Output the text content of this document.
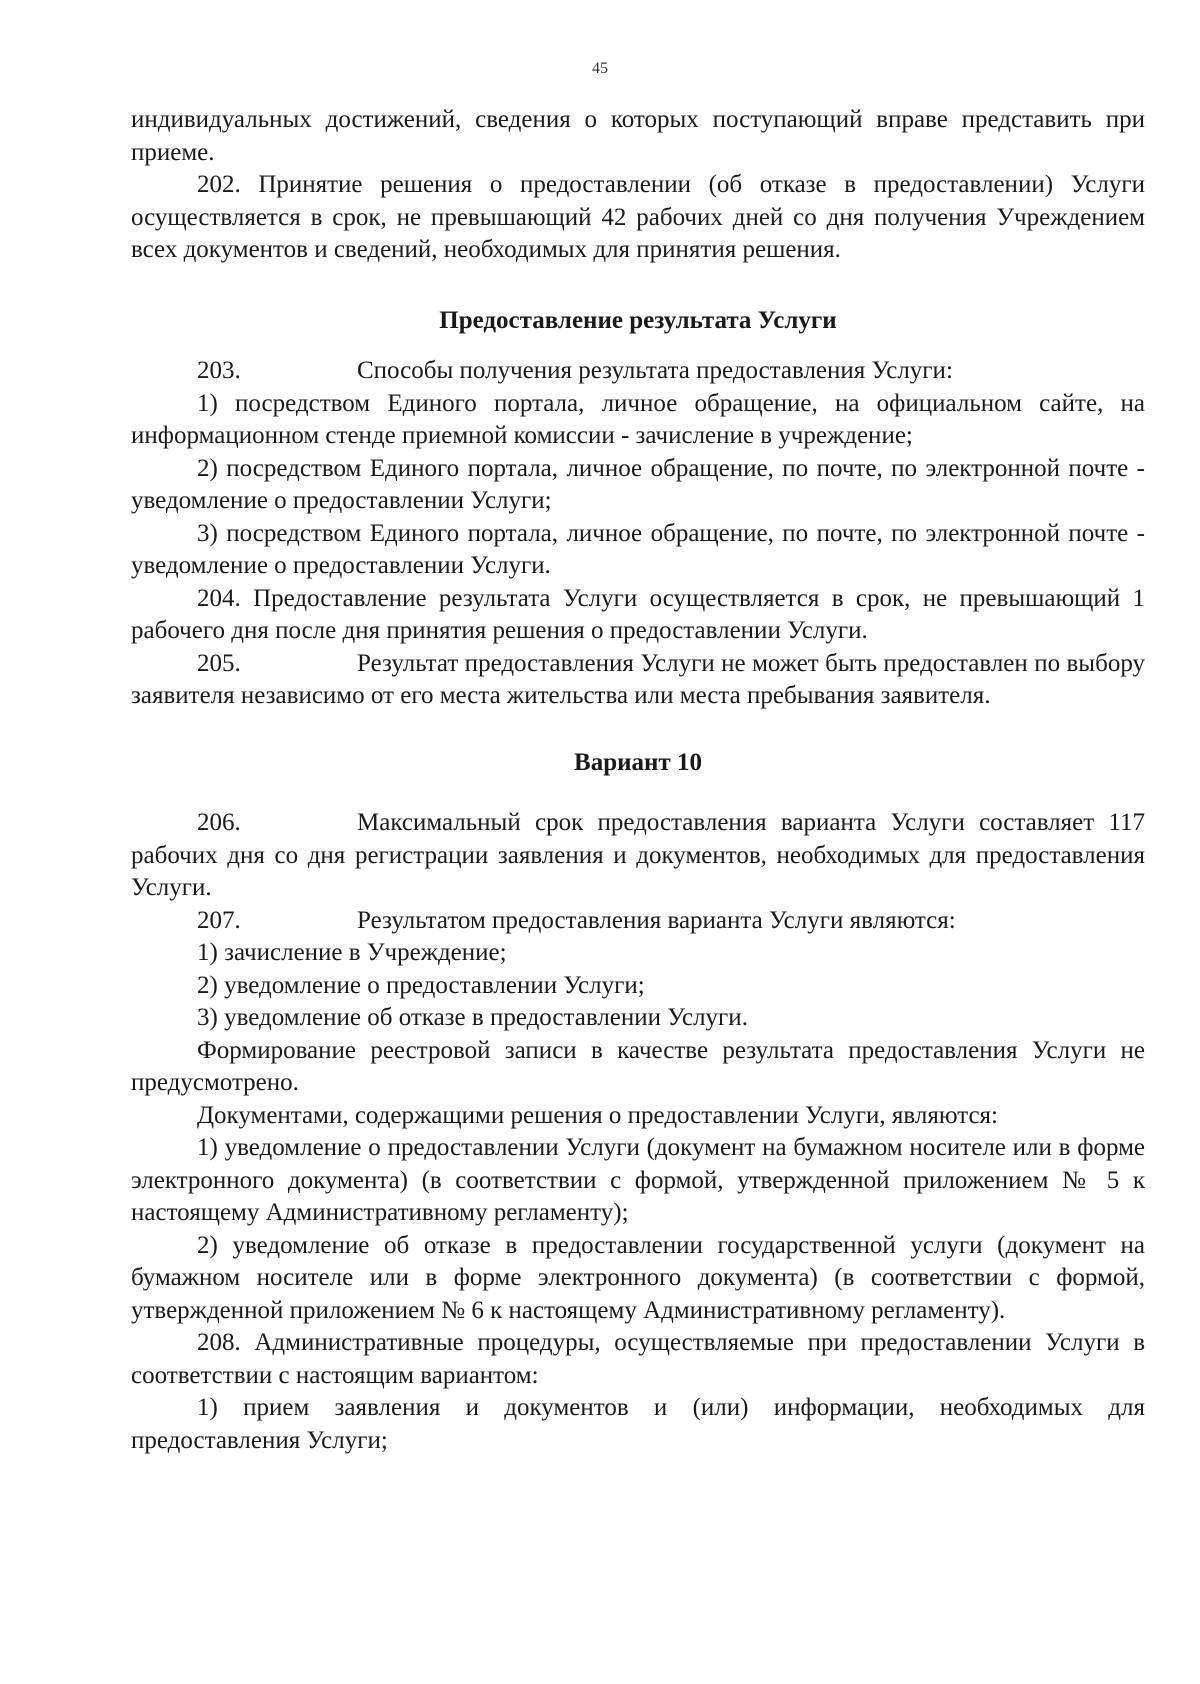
45

индивидуальных достижений, сведения о которых поступающий вправе представить при приеме.

202. Принятие решения о предоставлении (об отказе в предоставлении) Услуги осуществляется в срок, не превышающий 42 рабочих дней со дня получения Учреждением всех документов и сведений, необходимых для принятия решения.

Предоставление результата Услуги

203.	Способы получения результата предоставления Услуги:

1) посредством Единого портала, личное обращение, на официальном сайте, на информационном стенде приемной комиссии - зачисление в учреждение;

2) посредством Единого портала, личное обращение, по почте, по электронной почте - уведомление о предоставлении Услуги;

3) посредством Единого портала, личное обращение, по почте, по электронной почте - уведомление о предоставлении Услуги.

204. Предоставление результата Услуги осуществляется в срок, не превышающий 1 рабочего дня после дня принятия решения о предоставлении Услуги.

205.	Результат предоставления Услуги не может быть предоставлен по выбору заявителя независимо от его места жительства или места пребывания заявителя.

Вариант 10

206.	Максимальный срок предоставления варианта Услуги составляет 117 рабочих дня со дня регистрации заявления и документов, необходимых для предоставления Услуги.

207.	Результатом предоставления варианта Услуги являются:

1) зачисление в Учреждение;

2) уведомление о предоставлении Услуги;

3) уведомление об отказе в предоставлении Услуги.

Формирование реестровой записи в качестве результата предоставления Услуги не предусмотрено.

Документами, содержащими решения о предоставлении Услуги, являются:

1) уведомление о предоставлении Услуги (документ на бумажном носителе или в форме электронного документа) (в соответствии с формой, утвержденной приложением № 5 к настоящему Административному регламенту);

2) уведомление об отказе в предоставлении государственной услуги (документ на бумажном носителе или в форме электронного документа) (в соответствии с формой, утвержденной приложением № 6 к настоящему Административному регламенту).

208. Административные процедуры, осуществляемые при предоставлении Услуги в соответствии с настоящим вариантом:

1) прием заявления и документов и (или) информации, необходимых для предоставления Услуги;
